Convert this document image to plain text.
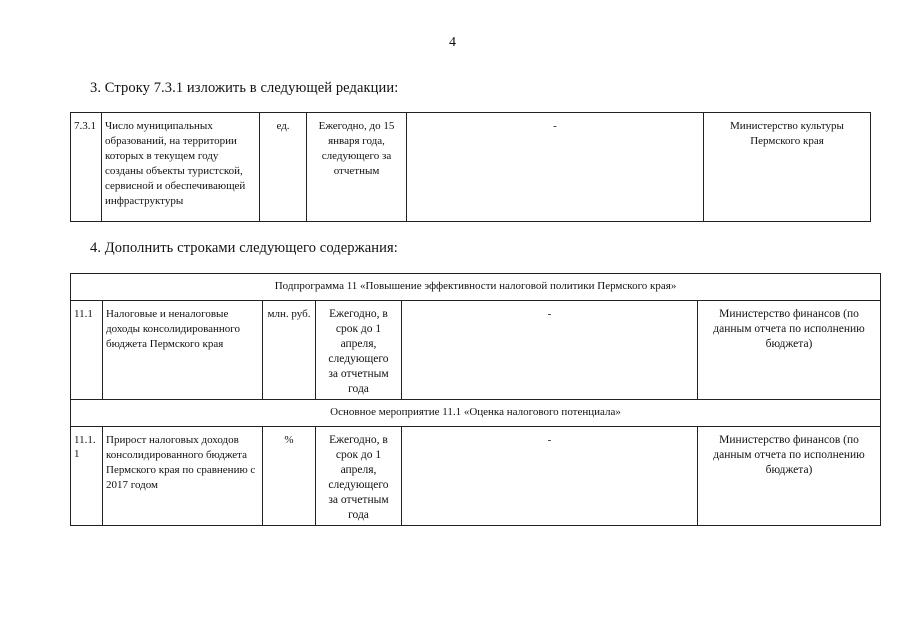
4
3. Строку 7.3.1 изложить в следующей редакции:
7.3.1	Число муниципальных образований, на территории которых в текущем году созданы объекты туристской, сервисной и обеспечивающей инфраструктуры	ед.	Ежегодно, до 15 января года, следующего за отчетным	-	Министерство культуры Пермского края
4. Дополнить строками следующего содержания:
Подпрограмма 11 «Повышение эффективности налоговой политики Пермского края»					
11.1	Налоговые и неналоговые доходы консолидированного бюджета Пермского края	млн. руб.	Ежегодно, в срок до 1 апреля, следующего за отчетным года	-	Министерство финансов (по данным отчета по исполнению бюджета)
Основное мероприятие 11.1 «Оценка налогового потенциала»					
11.1.1	Прирост налоговых доходов консолидированного бюджета Пермского края по сравнению с 2017 годом	%	Ежегодно, в срок до 1 апреля, следующего за отчетным года	-	Министерство финансов (по данным отчета по исполнению бюджета)
